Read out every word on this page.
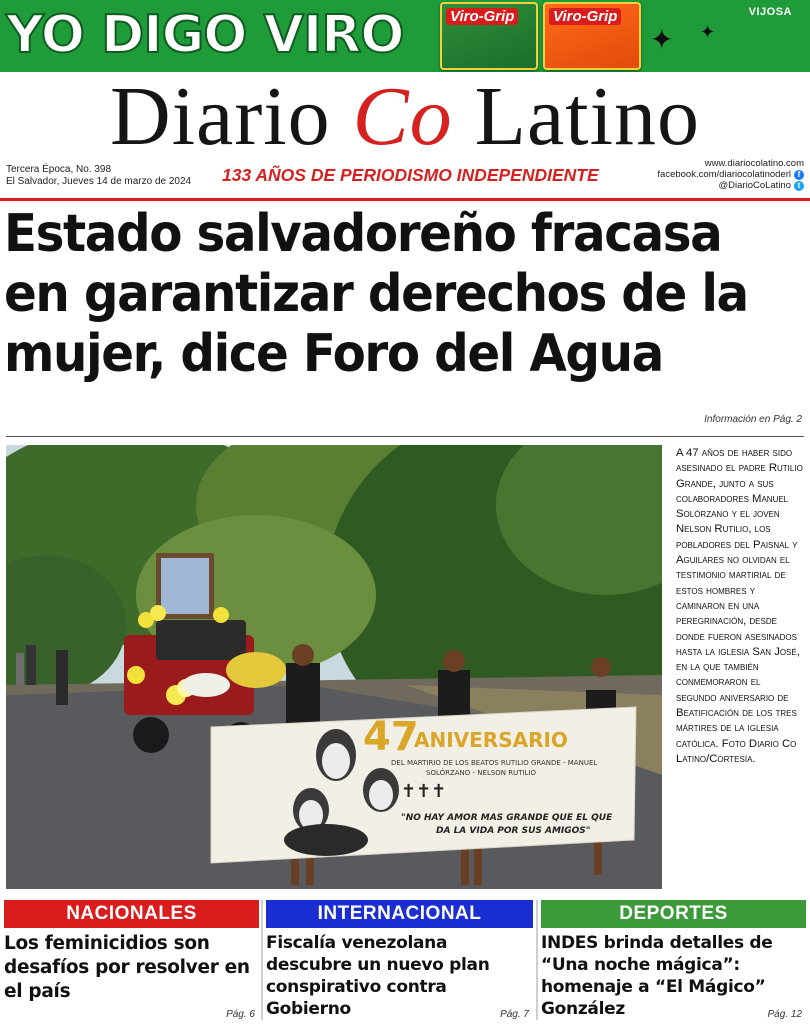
YO DIGO VIRO	Viro-Grip	Viro-Grip
✦ ✦
VIJOSA
Diario Co Latino
Tercera Época, No. 398
El Salvador, Jueves 14 de marzo de 2024 133 AÑOS DE PERIODISMO INDEPENDIENTE
www.diariocolatino.com
facebook.com/diariocolatinoderl f
@DiarioCoLatino t
Estado salvadoreño fracasa en garantizar derechos de la mujer, dice Foro del Agua
Información en Pág. 2
✝✝✝
47
ANIVERSARIO
DEL MARTIRIO DE LOS BEATOS RUTILIO GRANDE - MANUEL
SOLÓRZANO - NELSON RUTILIO
"NO HAY AMOR MAS GRANDE QUE EL QUE
DA LA VIDA POR SUS AMIGOS"
A 47 años de haber sido asesinado el padre Rutilio Grande, junto a sus colaboradores Manuel Solórzano y el joven Nelson Rutilio, los pobladores del Paisnal y Aguilares no olvidan el testimonio martirial de estos hombres y caminaron en una peregrinación, desde donde fueron asesinados hasta la iglesia San José, en la que también conmemoraron el segundo aniversario de Beatificación de los tres mártires de la iglesia católica. Foto Diario Co Latino/Cortesía.
NACIONALES
Los feminicidios son desafíos por resolver en el país
Pág. 6
INTERNACIONAL
Fiscalía venezolana descubre un nuevo plan conspirativo contra Gobierno	Pág. 7
DEPORTES
INDES brinda detalles de “Una noche mágica”: homenaje a “El Mágico” González	Pág. 12
